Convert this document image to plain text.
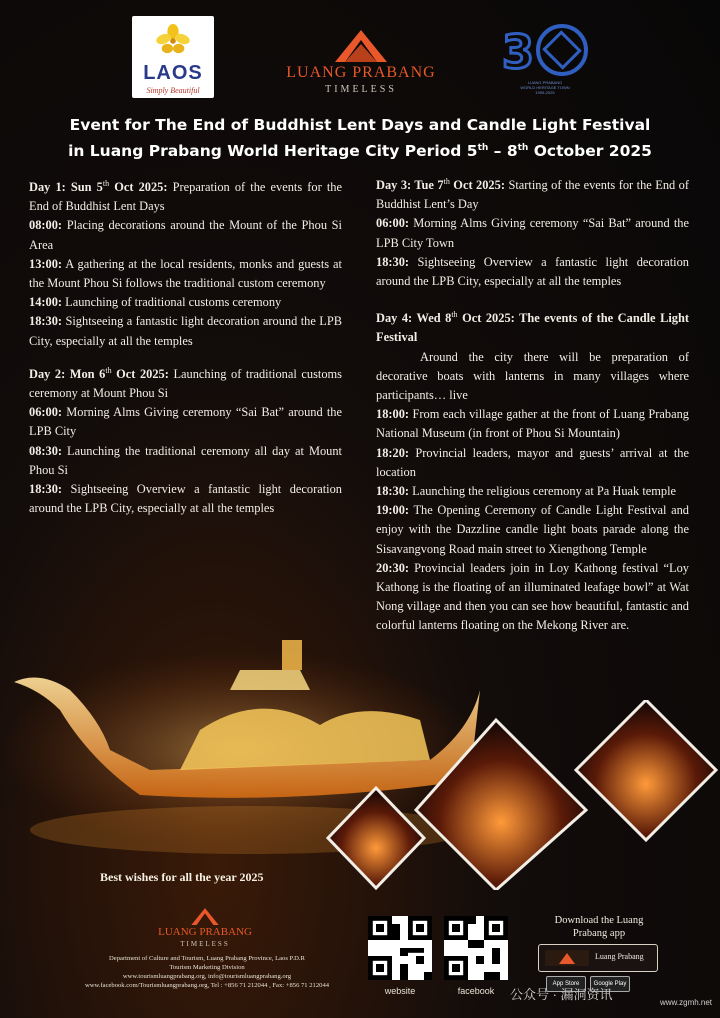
LAOS
Simply Beautiful
LUANG PRABANG
TIMELESS
3
LUANG PRABANG
WORLD HERITAGE TOWN
1995-2025
Event for The End of Buddhist Lent Days and Candle Light Festival
in Luang Prabang World Heritage City Period 5th – 8th October 2025

Day 1: Sun 5th Oct 2025: Preparation of the events for the End of Buddhist Lent Days

08:00: Placing decorations around the Mount of the Phou Si Area

13:00: A gathering at the local residents, monks and guests at the Mount Phou Si follows the traditional custom ceremony

14:00: Launching of traditional customs ceremony

18:30: Sightseeing a fantastic light decoration around the LPB City, especially at all the temples

Day 2: Mon 6th Oct 2025: Launching of traditional customs ceremony at Mount Phou Si

06:00: Morning Alms Giving ceremony “Sai Bat” around the LPB City

08:30: Launching the traditional ceremony all day at Mount Phou Si

18:30: Sightseeing Overview a fantastic light decoration around the LPB City, especially at all the temples

Day 3: Tue 7th Oct 2025: Starting of the events for the End of Buddhist Lent’s Day

06:00: Morning Alms Giving ceremony “Sai Bat” around the LPB City Town

18:30: Sightseeing Overview a fantastic light decoration around the LPB City, especially at all the temples

Day 4: Wed 8th Oct 2025: The events of the Candle Light Festival

Around the city there will be preparation of decorative boats with lanterns in many villages where participants… live

18:00: From each village gather at the front of Luang Prabang National Museum (in front of Phou Si Mountain)

18:20: Provincial leaders, mayor and guests’ arrival at the location

18:30: Launching the religious ceremony at Pa Huak temple

19:00: The Opening Ceremony of Candle Light Festival and enjoy with the Dazzline candle light boats parade along the Sisavangvong Road main street to Xiengthong Temple

20:30: Provincial leaders join in Loy Kathong festival “Loy Kathong is the floating of an illuminated leafage bowl” at Wat Nong village and then you can see how beautiful, fantastic and colorful lanterns floating on the Mekong River are.

Best wishes for all the year 2025
LUANG PRABANG
TIMELESS
Department of Culture and Tourism, Luang Prabang Province, Laos P.D.R
Tourism Marketing Division
www.tourismluangprabang.org, info@tourismluangprabang.org
www.facebook.com/Tourismluangprabang.org, Tel : +856 71 212044 , Fax: +856 71 212044
website	facebook
Download the Luang Prabang app
Luang Prabang
App Store	Google Play
公众号 · 漏洞资讯
www.zgmh.net
